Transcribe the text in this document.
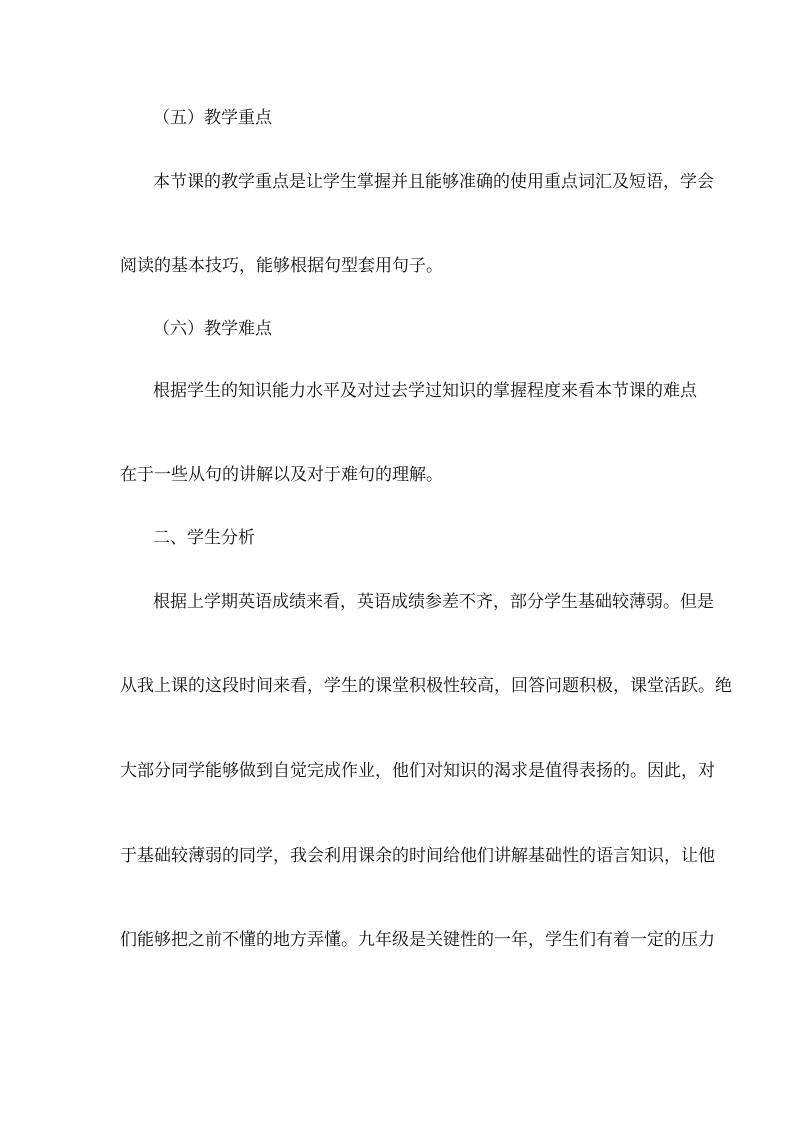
（五）教学重点
本节课的教学重点是让学生掌握并且能够准确的使用重点词汇及短语，学会
阅读的基本技巧，能够根据句型套用句子。
（六）教学难点
根据学生的知识能力水平及对过去学过知识的掌握程度来看本节课的难点
在于一些从句的讲解以及对于难句的理解。
二、学生分析
根据上学期英语成绩来看，英语成绩参差不齐，部分学生基础较薄弱。但是
从我上课的这段时间来看，学生的课堂积极性较高，回答问题积极，课堂活跃。绝
大部分同学能够做到自觉完成作业，他们对知识的渴求是值得表扬的。因此，对
于基础较薄弱的同学，我会利用课余的时间给他们讲解基础性的语言知识，让他
们能够把之前不懂的地方弄懂。九年级是关键性的一年，学生们有着一定的压力
